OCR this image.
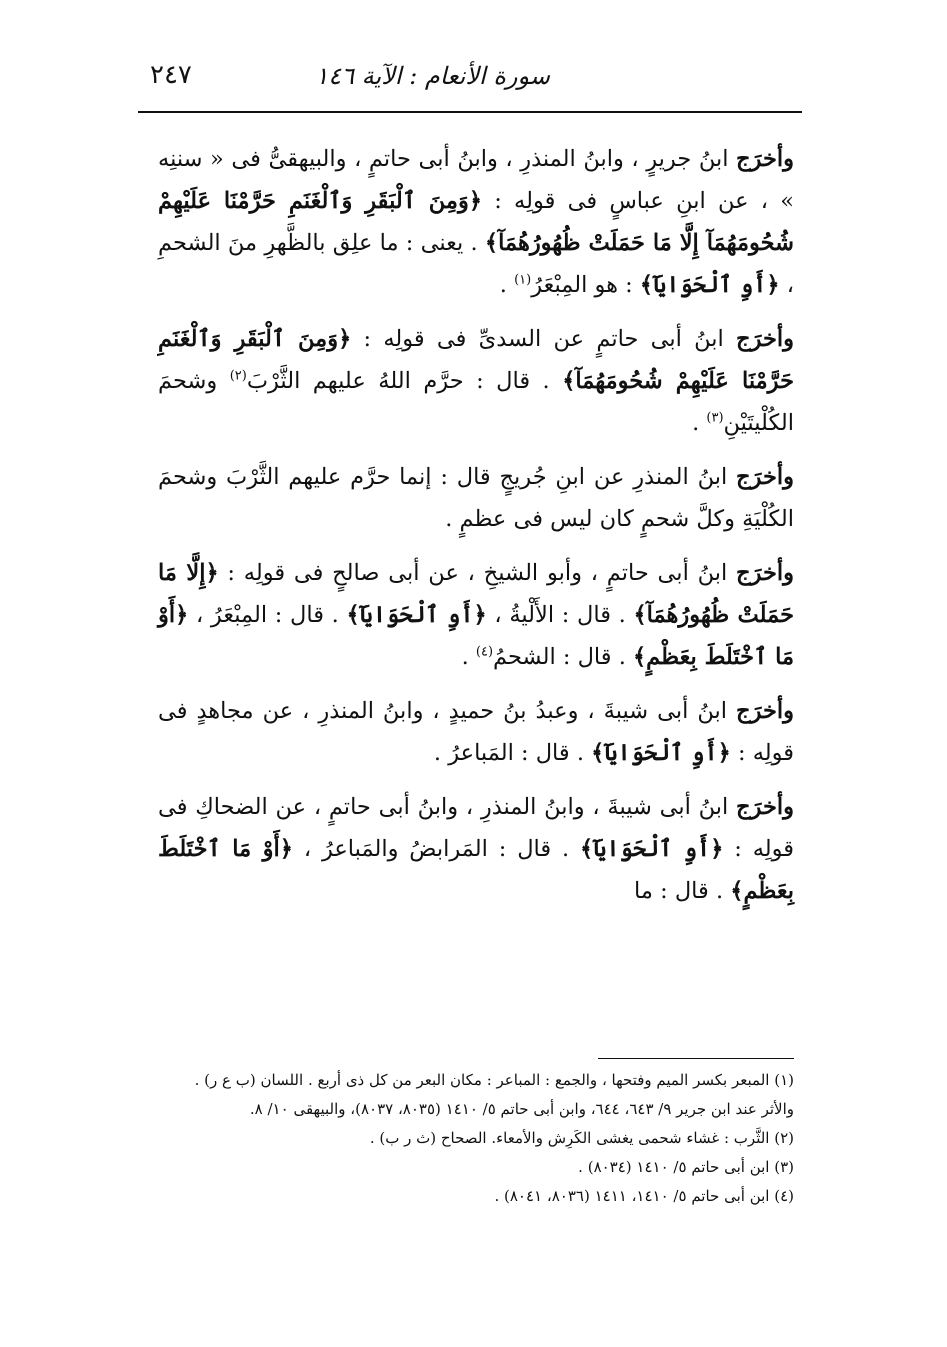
سورة الأنعام : الآية ١٤٦
٢٤٧

وأخرَج ابنُ جريرٍ ، وابنُ المنذرِ ، وابنُ أبى حاتمٍ ، والبيهقىُّ فى « سننِه » ، عن ابنِ عباسٍ فى قولِه : ﴿وَمِنَ ٱلْبَقَرِ وَٱلْغَنَمِ حَرَّمْنَا عَلَيْهِمْ شُحُومَهُمَآ إِلَّا مَا حَمَلَتْ ظُهُورُهُمَآ﴾ . يعنى : ما علِق بالظَّهرِ منَ الشحمِ ، ﴿أَوِ ٱلْحَوَايَآ﴾ : هو المِبْعَرُ$^{(١)}$ .

وأخرَج ابنُ أبى حاتمٍ عن السدىِّ فى قولِه : ﴿وَمِنَ ٱلْبَقَرِ وَٱلْغَنَمِ حَرَّمْنَا عَلَيْهِمْ شُحُومَهُمَآ﴾ . قال : حرَّم اللهُ عليهم الثَّرْبَ$^{(٢)}$ وشحمَ الكُلْيتَيْنِ$^{(٣)}$ .

وأخرَج ابنُ المنذرِ عن ابنِ جُريجٍ قال : إنما حرَّم عليهم الثَّرْبَ وشحمَ الكُلْيَةِ وكلَّ شحمٍ كان ليس فى عظمٍ .

وأخرَج ابنُ أبى حاتمٍ ، وأبو الشيخِ ، عن أبى صالحٍ فى قولِه : ﴿إِلَّا مَا حَمَلَتْ ظُهُورُهُمَآ﴾ . قال : الأَلْيةُ ، ﴿أَوِ ٱلْحَوَايَآ﴾ . قال : المِبْعَرُ ، ﴿أَوْ مَا ٱخْتَلَطَ بِعَظْمٍ﴾ . قال : الشحمُ$^{(٤)}$ .

وأخرَج ابنُ أبى شيبةَ ، وعبدُ بنُ حميدٍ ، وابنُ المنذرِ ، عن مجاهدٍ فى قولِه : ﴿أَوِ ٱلْحَوَايَآ﴾ . قال : المَباعرُ .

وأخرَج ابنُ أبى شيبةَ ، وابنُ المنذرِ ، وابنُ أبى حاتمٍ ، عن الضحاكِ فى قولِه : ﴿أَوِ ٱلْحَوَايَآ﴾ . قال : المَرابضُ والمَباعرُ ، ﴿أَوْ مَا ٱخْتَلَطَ بِعَظْمٍ﴾ . قال : ما

(١) المبعر بكسر الميم وفتحها ، والجمع : المباعر : مكان البعر من كل ذى أربع . اللسان (ب ع ر) .

والأثر عند ابن جرير ٩/ ٦٤٣، ٦٤٤، وابن أبى حاتم ٥/ ١٤١٠ (٨٠٣٥، ٨٠٣٧)، والبيهقى ١٠/ ٨.

(٢) الثَّرب : غشاء شحمى يغشى الكَرِش والأمعاء. الصحاح (ث ر ب) .

(٣) ابن أبى حاتم ٥/ ١٤١٠ (٨٠٣٤) .

(٤) ابن أبى حاتم ٥/ ١٤١٠، ١٤١١ (٨٠٣٦، ٨٠٤١) .
